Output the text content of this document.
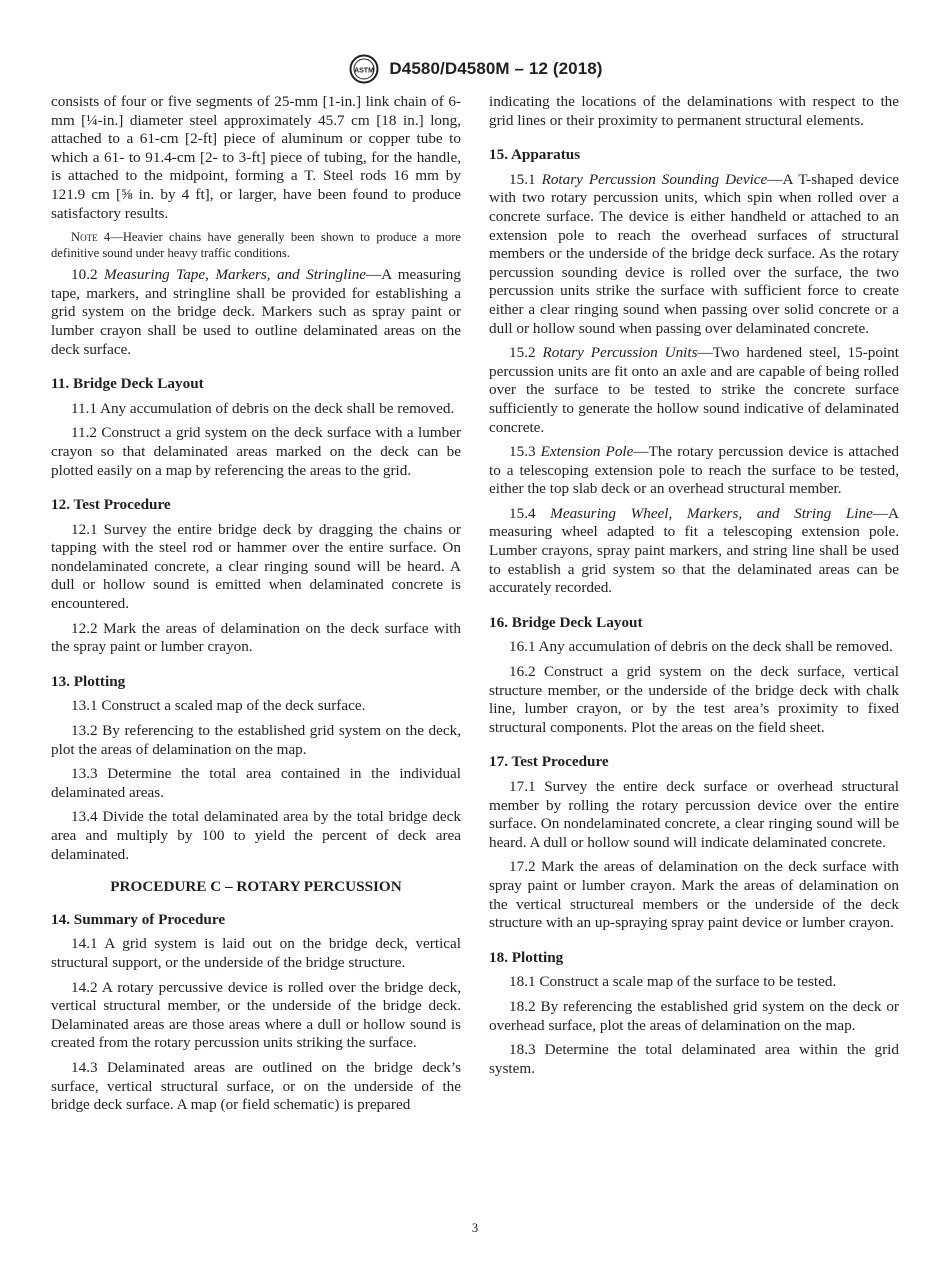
ASTM D4580/D4580M – 12 (2018)

consists of four or five segments of 25-mm [1-in.] link chain of 6-mm [¼-in.] diameter steel approximately 45.7 cm [18 in.] long, attached to a 61-cm [2-ft] piece of aluminum or copper tube to which a 61- to 91.4-cm [2- to 3-ft] piece of tubing, for the handle, is attached to the midpoint, forming a T. Steel rods 16 mm by 121.9 cm [⅝ in. by 4 ft], or larger, have been found to produce satisfactory results.

Note 4—Heavier chains have generally been shown to produce a more definitive sound under heavy traffic conditions.

10.2 Measuring Tape, Markers, and Stringline—A measuring tape, markers, and stringline shall be provided for establishing a grid system on the bridge deck. Markers such as spray paint or lumber crayon shall be used to outline delaminated areas on the deck surface.

11. Bridge Deck Layout

11.1 Any accumulation of debris on the deck shall be removed.

11.2 Construct a grid system on the deck surface with a lumber crayon so that delaminated areas marked on the deck can be plotted easily on a map by referencing the areas to the grid.

12. Test Procedure

12.1 Survey the entire bridge deck by dragging the chains or tapping with the steel rod or hammer over the entire surface. On nondelaminated concrete, a clear ringing sound will be heard. A dull or hollow sound is emitted when delaminated concrete is encountered.

12.2 Mark the areas of delamination on the deck surface with the spray paint or lumber crayon.

13. Plotting

13.1 Construct a scaled map of the deck surface.

13.2 By referencing to the established grid system on the deck, plot the areas of delamination on the map.

13.3 Determine the total area contained in the individual delaminated areas.

13.4 Divide the total delaminated area by the total bridge deck area and multiply by 100 to yield the percent of deck area delaminated.

PROCEDURE C – ROTARY PERCUSSION
14. Summary of Procedure

14.1 A grid system is laid out on the bridge deck, vertical structural support, or the underside of the bridge structure.

14.2 A rotary percussive device is rolled over the bridge deck, vertical structural member, or the underside of the bridge deck. Delaminated areas are those areas where a dull or hollow sound is created from the rotary percussion units striking the surface.

14.3 Delaminated areas are outlined on the bridge deck’s surface, vertical structural surface, or on the underside of the bridge deck surface. A map (or field schematic) is prepared

indicating the locations of the delaminations with respect to the grid lines or their proximity to permanent structural elements.

15. Apparatus

15.1 Rotary Percussion Sounding Device—A T-shaped device with two rotary percussion units, which spin when rolled over a concrete surface. The device is either handheld or attached to an extension pole to reach the overhead surfaces of structural members or the underside of the bridge deck surface. As the rotary percussion sounding device is rolled over the surface, the two percussion units strike the surface with sufficient force to create either a clear ringing sound when passing over solid concrete or a dull or hollow sound when passing over delaminated concrete.

15.2 Rotary Percussion Units—Two hardened steel, 15-point percussion units are fit onto an axle and are capable of being rolled over the surface to be tested to strike the concrete surface sufficiently to generate the hollow sound indicative of delaminated concrete.

15.3 Extension Pole—The rotary percussion device is attached to a telescoping extension pole to reach the surface to be tested, either the top slab deck or an overhead structural member.

15.4 Measuring Wheel, Markers, and String Line—A measuring wheel adapted to fit a telescoping extension pole. Lumber crayons, spray paint markers, and string line shall be used to establish a grid system so that the delaminated areas can be accurately recorded.

16. Bridge Deck Layout

16.1 Any accumulation of debris on the deck shall be removed.

16.2 Construct a grid system on the deck surface, vertical structure member, or the underside of the bridge deck with chalk line, lumber crayon, or by the test area’s proximity to fixed structural components. Plot the areas on the field sheet.

17. Test Procedure

17.1 Survey the entire deck surface or overhead structural member by rolling the rotary percussion device over the entire surface. On nondelaminated concrete, a clear ringing sound will be heard. A dull or hollow sound will indicate delaminated concrete.

17.2 Mark the areas of delamination on the deck surface with spray paint or lumber crayon. Mark the areas of delamination on the vertical structureal members or the underside of the deck structure with an up-spraying spray paint device or lumber crayon.

18. Plotting

18.1 Construct a scale map of the surface to be tested.

18.2 By referencing the established grid system on the deck or overhead surface, plot the areas of delamination on the map.

18.3 Determine the total delaminated area within the grid system.

3
